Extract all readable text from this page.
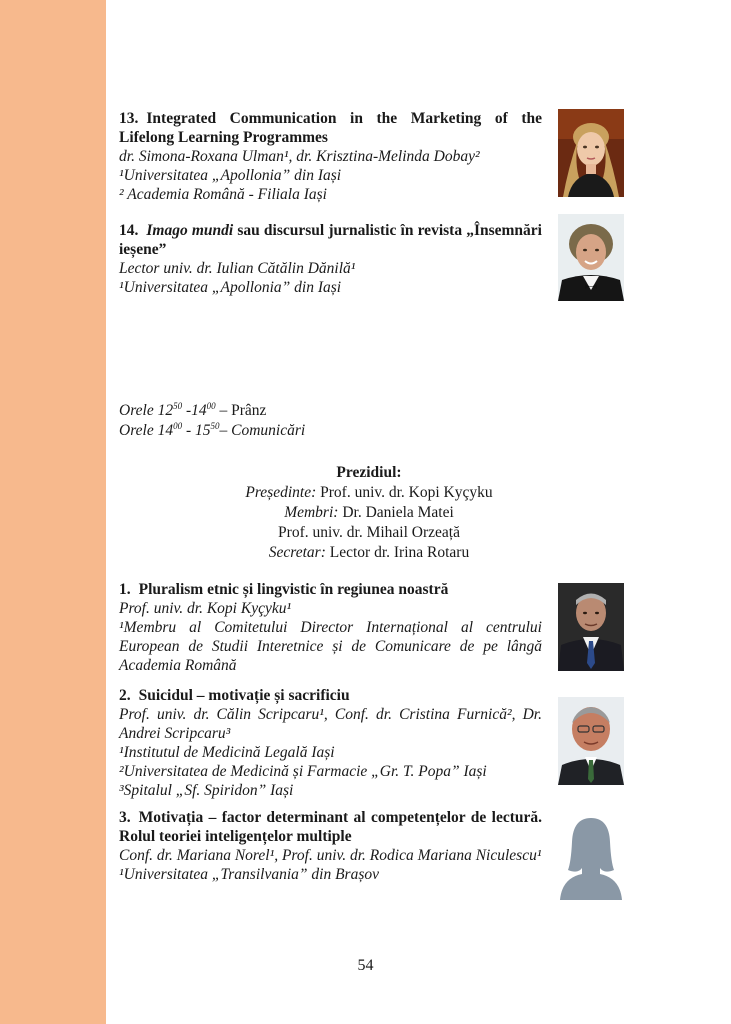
13. Integrated Communication in the Marketing of the Lifelong Learning Programmes
dr. Simona-Roxana Ulman¹, dr. Krisztina-Melinda Dobay²
¹Universitatea „Apollonia” din Iași
² Academia Română - Filiala Iași
14. Imago mundi sau discursul jurnalistic în revista „Însemnări ieșene”
Lector univ. dr. Iulian Cătălin Dănilă¹
¹Universitatea „Apollonia” din Iași
Orele $12^{50}$ $-14^{00}$ – Prânz
Orele $14^{00} - 15^{50}-$ Comunicări
Prezidiul:
Președinte: Prof. univ. dr. Kopi Kyçyku
Membri: Dr. Daniela Matei
Prof. univ. dr. Mihail Orzeață
Secretar: Lector dr. Irina Rotaru
1. Pluralism etnic și lingvistic în regiunea noastră
Prof. univ. dr. Kopi Kyçyku¹
¹Membru al Comitetului Director Internațional al centrului European de Studii Interetnice și de Comunicare de pe lângă Academia Română
2. Suicidul – motivație și sacrificiu
Prof. univ. dr. Călin Scripcaru¹, Conf. dr. Cristina Furnică², Dr. Andrei Scripcaru³
¹Institutul de Medicină Legală Iași
²Universitatea de Medicină și Farmacie „Gr. T. Popa” Iași
³Spitalul „Sf. Spiridon” Iași
3. Motivația – factor determinant al competențelor de lectură. Rolul teoriei inteligențelor multiple
Conf. dr. Mariana Norel¹, Prof. univ. dr. Rodica Mariana Niculescu¹
¹Universitatea „Transilvania” din Brașov
54
